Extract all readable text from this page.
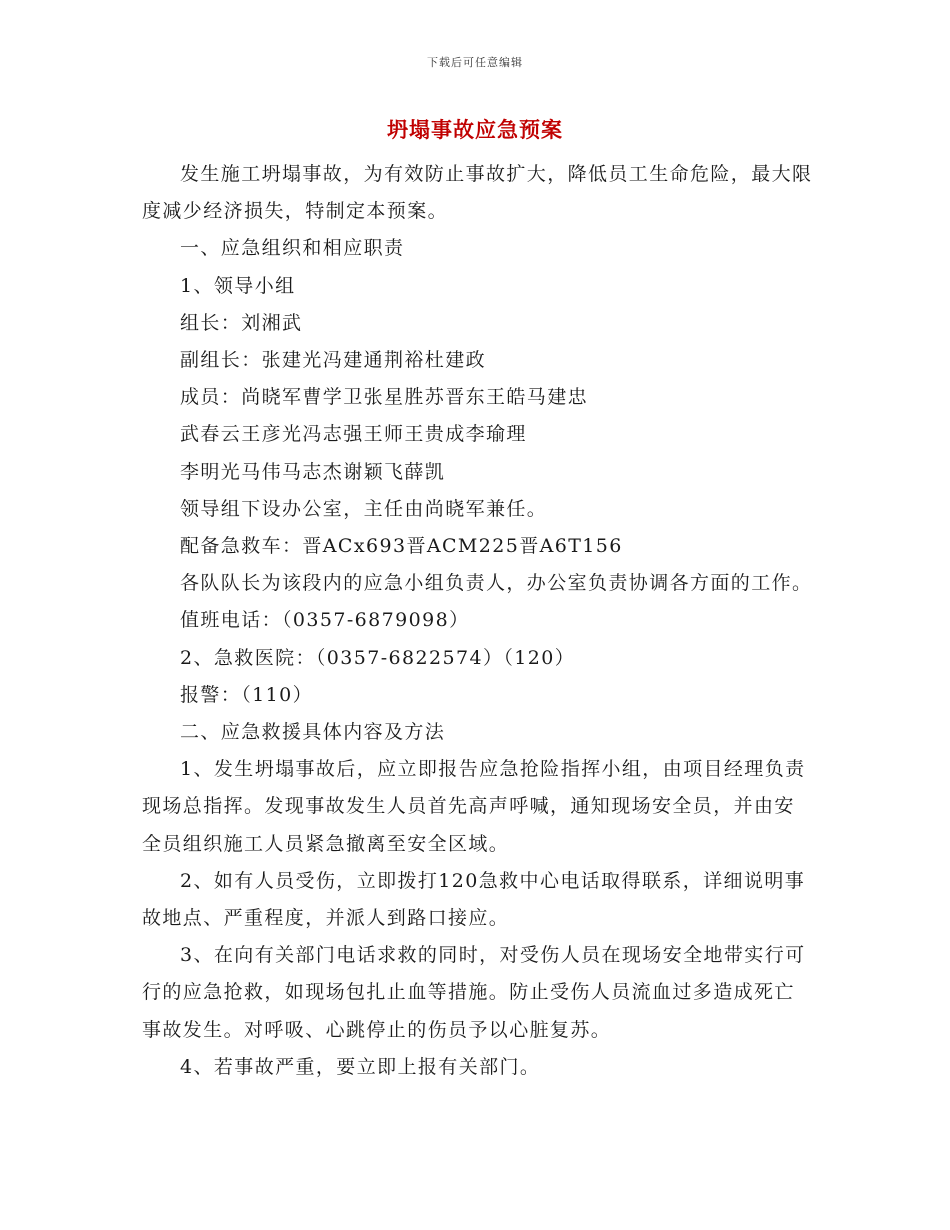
下载后可任意编辑
坍塌事故应急预案

发生施工坍塌事故，为有效防止事故扩大，降低员工生命危险，最大限度减少经济损失，特制定本预案。

一、应急组织和相应职责

1、领导小组

组长：刘湘武

副组长：张建光冯建通荆裕杜建政

成员：尚晓军曹学卫张星胜苏晋东王皓马建忠

武春云王彦光冯志强王师王贵成李瑜理

李明光马伟马志杰谢颖飞薛凯

领导组下设办公室，主任由尚晓军兼任。

配备急救车：晋ACx693晋ACM225晋A6T156

各队队长为该段内的应急小组负责人，办公室负责协调各方面的工作。

值班电话：（0357-6879098）

2、急救医院：（0357-6822574）（120）

报警：（110）

二、应急救援具体内容及方法

1、发生坍塌事故后，应立即报告应急抢险指挥小组，由项目经理负责现场总指挥。发现事故发生人员首先高声呼喊，通知现场安全员，并由安全员组织施工人员紧急撤离至安全区域。

2、如有人员受伤，立即拨打120急救中心电话取得联系，详细说明事故地点、严重程度，并派人到路口接应。

3、在向有关部门电话求救的同时，对受伤人员在现场安全地带实行可行的应急抢救，如现场包扎止血等措施。防止受伤人员流血过多造成死亡事故发生。对呼吸、心跳停止的伤员予以心脏复苏。

4、若事故严重，要立即上报有关部门。
